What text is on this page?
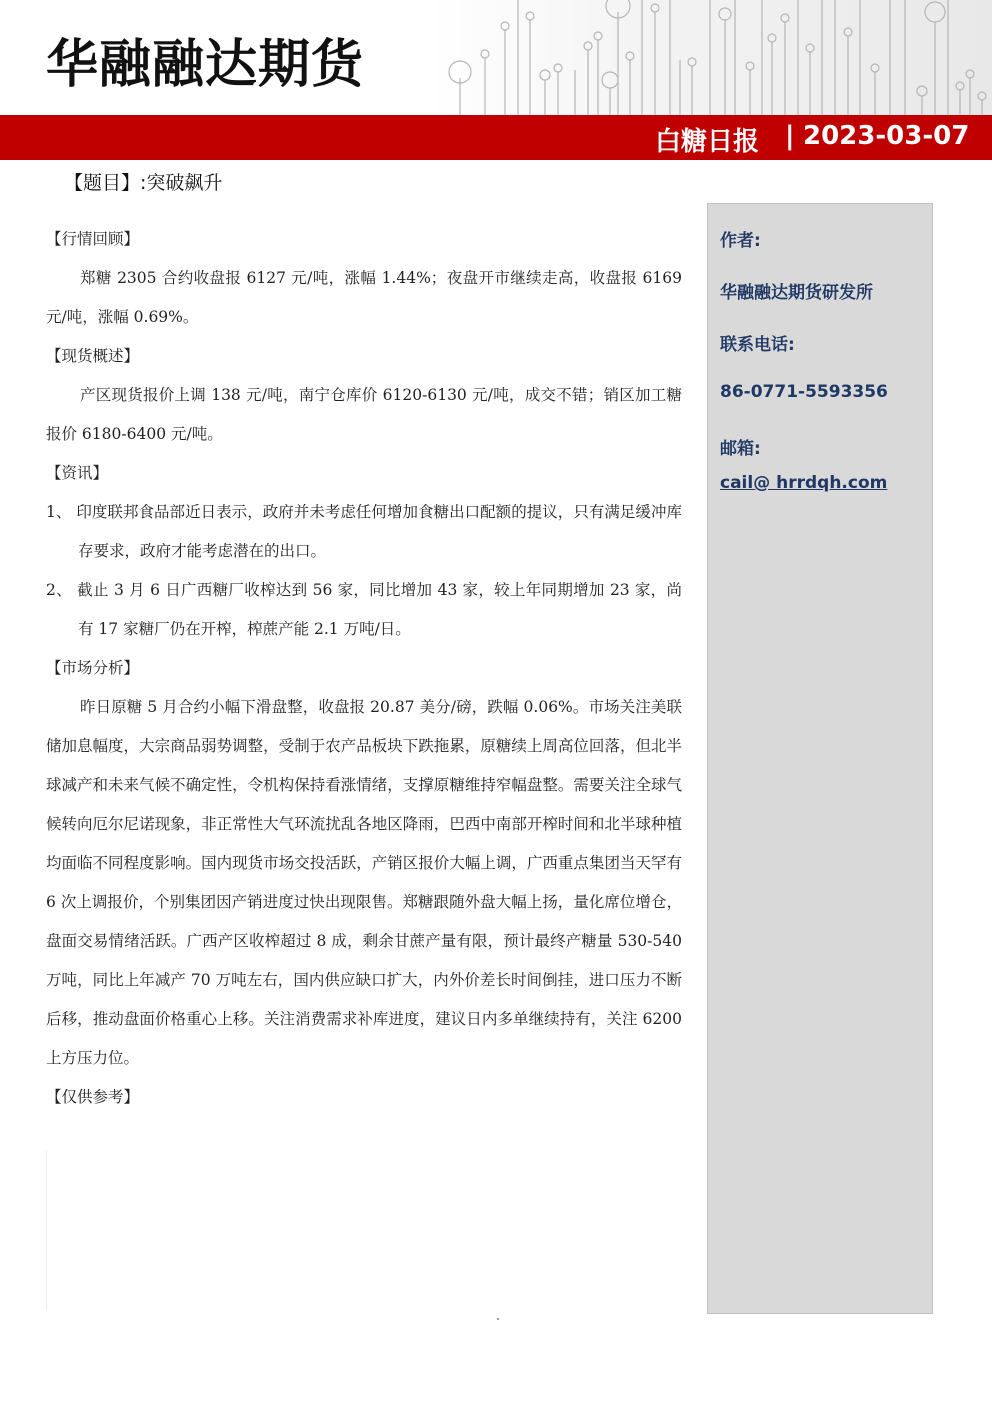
华融融达期货
白糖日报 | 2023-03-07
【题目】:突破飙升

【行情回顾】

郑糖 2305 合约收盘报 6127 元/吨，涨幅 1.44%；夜盘开市继续走高，收盘报 6169 元/吨，涨幅 0.69%。

【现货概述】

产区现货报价上调 138 元/吨，南宁仓库价 6120-6130 元/吨，成交不错；销区加工糖报价 6180-6400 元/吨。

【资讯】

1、 印度联邦食品部近日表示，政府并未考虑任何增加食糖出口配额的提议，只有满足缓冲库存要求，政府才能考虑潜在的出口。

2、 截止 3 月 6 日广西糖厂收榨达到 56 家，同比增加 43 家，较上年同期增加 23 家，尚有 17 家糖厂仍在开榨，榨蔗产能 2.1 万吨/日。

【市场分析】

昨日原糖 5 月合约小幅下滑盘整，收盘报 20.87 美分/磅，跌幅 0.06%。市场关注美联储加息幅度，大宗商品弱势调整，受制于农产品板块下跌拖累，原糖续上周高位回落，但北半球减产和未来气候不确定性，令机构保持看涨情绪，支撑原糖维持窄幅盘整。需要关注全球气候转向厄尔尼诺现象，非正常性大气环流扰乱各地区降雨，巴西中南部开榨时间和北半球种植均面临不同程度影响。国内现货市场交投活跃，产销区报价大幅上调，广西重点集团当天罕有 6 次上调报价，个别集团因产销进度过快出现限售。郑糖跟随外盘大幅上扬，量化席位增仓，盘面交易情绪活跃。广西产区收榨超过 8 成，剩余甘蔗产量有限，预计最终产糖量 530-540 万吨，同比上年减产 70 万吨左右，国内供应缺口扩大，内外价差长时间倒挂，进口压力不断后移，推动盘面价格重心上移。关注消费需求补库进度，建议日内多单继续持有，关注 6200 上方压力位。

【仅供参考】

作者:
华融融达期货研发所
联系电话:
86-0771-5593356
邮箱:
cail@ hrrdqh.com
